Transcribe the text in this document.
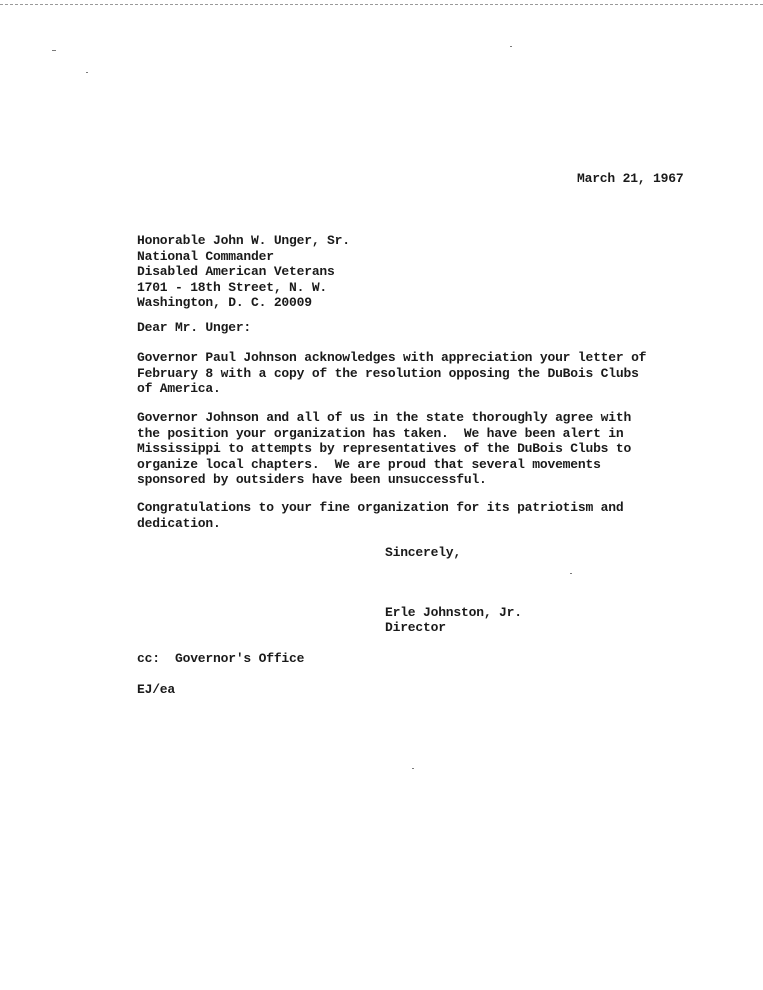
March 21, 1967
Honorable John W. Unger, Sr.
National Commander
Disabled American Veterans
1701 - 18th Street, N. W.
Washington, D. C. 20009
Dear Mr. Unger:
Governor Paul Johnson acknowledges with appreciation your letter of
February 8 with a copy of the resolution opposing the DuBois Clubs
of America.
Governor Johnson and all of us in the state thoroughly agree with
the position your organization has taken.  We have been alert in
Mississippi to attempts by representatives of the DuBois Clubs to
organize local chapters.  We are proud that several movements
sponsored by outsiders have been unsuccessful.
Congratulations to your fine organization for its patriotism and
dedication.
Sincerely,
Erle Johnston, Jr.
Director
cc:  Governor's Office
EJ/ea
